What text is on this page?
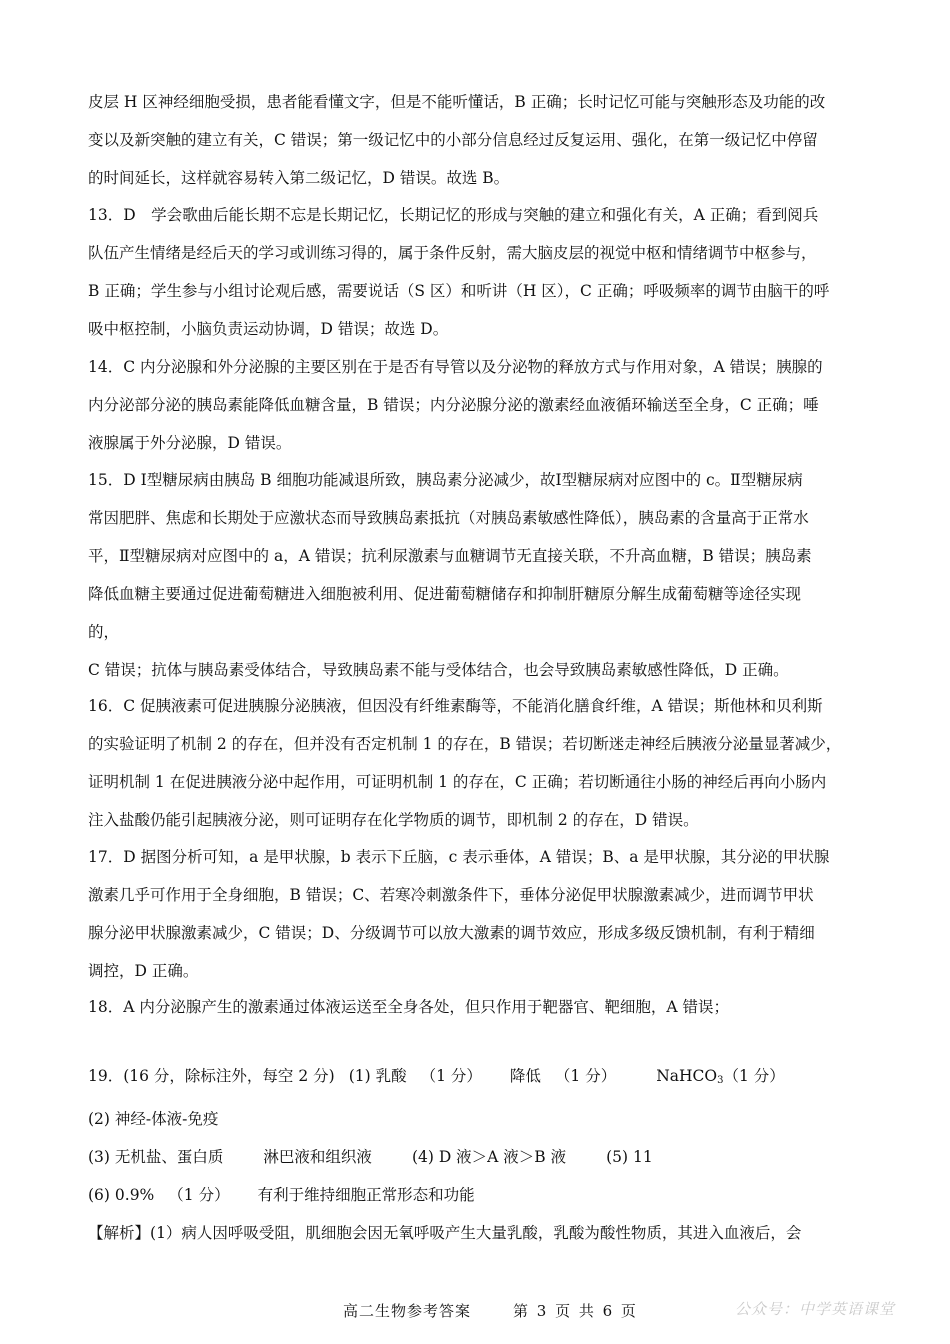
皮层 H 区神经细胞受损，患者能看懂文字，但是不能听懂话，B 正确；长时记忆可能与突触形态及功能的改
变以及新突触的建立有关，C 错误；第一级记忆中的小部分信息经过反复运用、强化，在第一级记忆中停留
的时间延长，这样就容易转入第二级记忆，D 错误。故选 B。
13．D　学会歌曲后能长期不忘是长期记忆，长期记忆的形成与突触的建立和强化有关，A 正确；看到阅兵
队伍产生情绪是经后天的学习或训练习得的，属于条件反射，需大脑皮层的视觉中枢和情绪调节中枢参与，
B 正确；学生参与小组讨论观后感，需要说话（S 区）和听讲（H 区），C 正确；呼吸频率的调节由脑干的呼
吸中枢控制，小脑负责运动协调，D 错误；故选 D。
14．C 内分泌腺和外分泌腺的主要区别在于是否有导管以及分泌物的释放方式与作用对象，A 错误；胰腺的
内分泌部分泌的胰岛素能降低血糖含量，B 错误；内分泌腺分泌的激素经血液循环输送至全身，C 正确；唾
液腺属于外分泌腺，D 错误。
15．D Ⅰ型糖尿病由胰岛 B 细胞功能减退所致，胰岛素分泌减少，故Ⅰ型糖尿病对应图中的 c。Ⅱ型糖尿病
常因肥胖、焦虑和长期处于应激状态而导致胰岛素抵抗（对胰岛素敏感性降低），胰岛素的含量高于正常水
平，Ⅱ型糖尿病对应图中的 a，A 错误；抗利尿激素与血糖调节无直接关联，不升高血糖，B 错误；胰岛素
降低血糖主要通过促进葡萄糖进入细胞被利用、促进葡萄糖储存和抑制肝糖原分解生成葡萄糖等途径实现
的，
C 错误；抗体与胰岛素受体结合，导致胰岛素不能与受体结合，也会导致胰岛素敏感性降低，D 正确。
16．C 促胰液素可促进胰腺分泌胰液，但因没有纤维素酶等，不能消化膳食纤维，A 错误；斯他林和贝利斯
的实验证明了机制 2 的存在，但并没有否定机制 1 的存在，B 错误；若切断迷走神经后胰液分泌量显著减少，
证明机制 1 在促进胰液分泌中起作用，可证明机制 1 的存在，C 正确；若切断通往小肠的神经后再向小肠内
注入盐酸仍能引起胰液分泌，则可证明存在化学物质的调节，即机制 2 的存在，D 错误。
17．D 据图分析可知，a 是甲状腺，b 表示下丘脑，c 表示垂体，A 错误；B、a 是甲状腺，其分泌的甲状腺
激素几乎可作用于全身细胞，B 错误；C、若寒冷刺激条件下，垂体分泌促甲状腺激素减少，进而调节甲状
腺分泌甲状腺激素减少，C 错误；D、分级调节可以放大激素的调节效应，形成多级反馈机制，有利于精细
调控，D 正确。
18．A 内分泌腺产生的激素通过体液运送至全身各处，但只作用于靶器官、靶细胞，A 错误；
19．(16 分，除标注外，每空 2 分) (1) 乳酸 （1 分） 降低 （1 分）	NaHCO$_3$（1 分）
(2) 神经-体液-免疫
(3) 无机盐、蛋白质	淋巴液和组织液	(4) D 液＞A 液＞B 液	(5) 11
(6) 0.9% （1 分） 有利于维持细胞正常形态和功能
【解析】(1）病人因呼吸受阻，肌细胞会因无氧呼吸产生大量乳酸，乳酸为酸性物质，其进入血液后，会
高二生物参考答案	第 3 页 共 6 页	公众号：中学英语课堂
